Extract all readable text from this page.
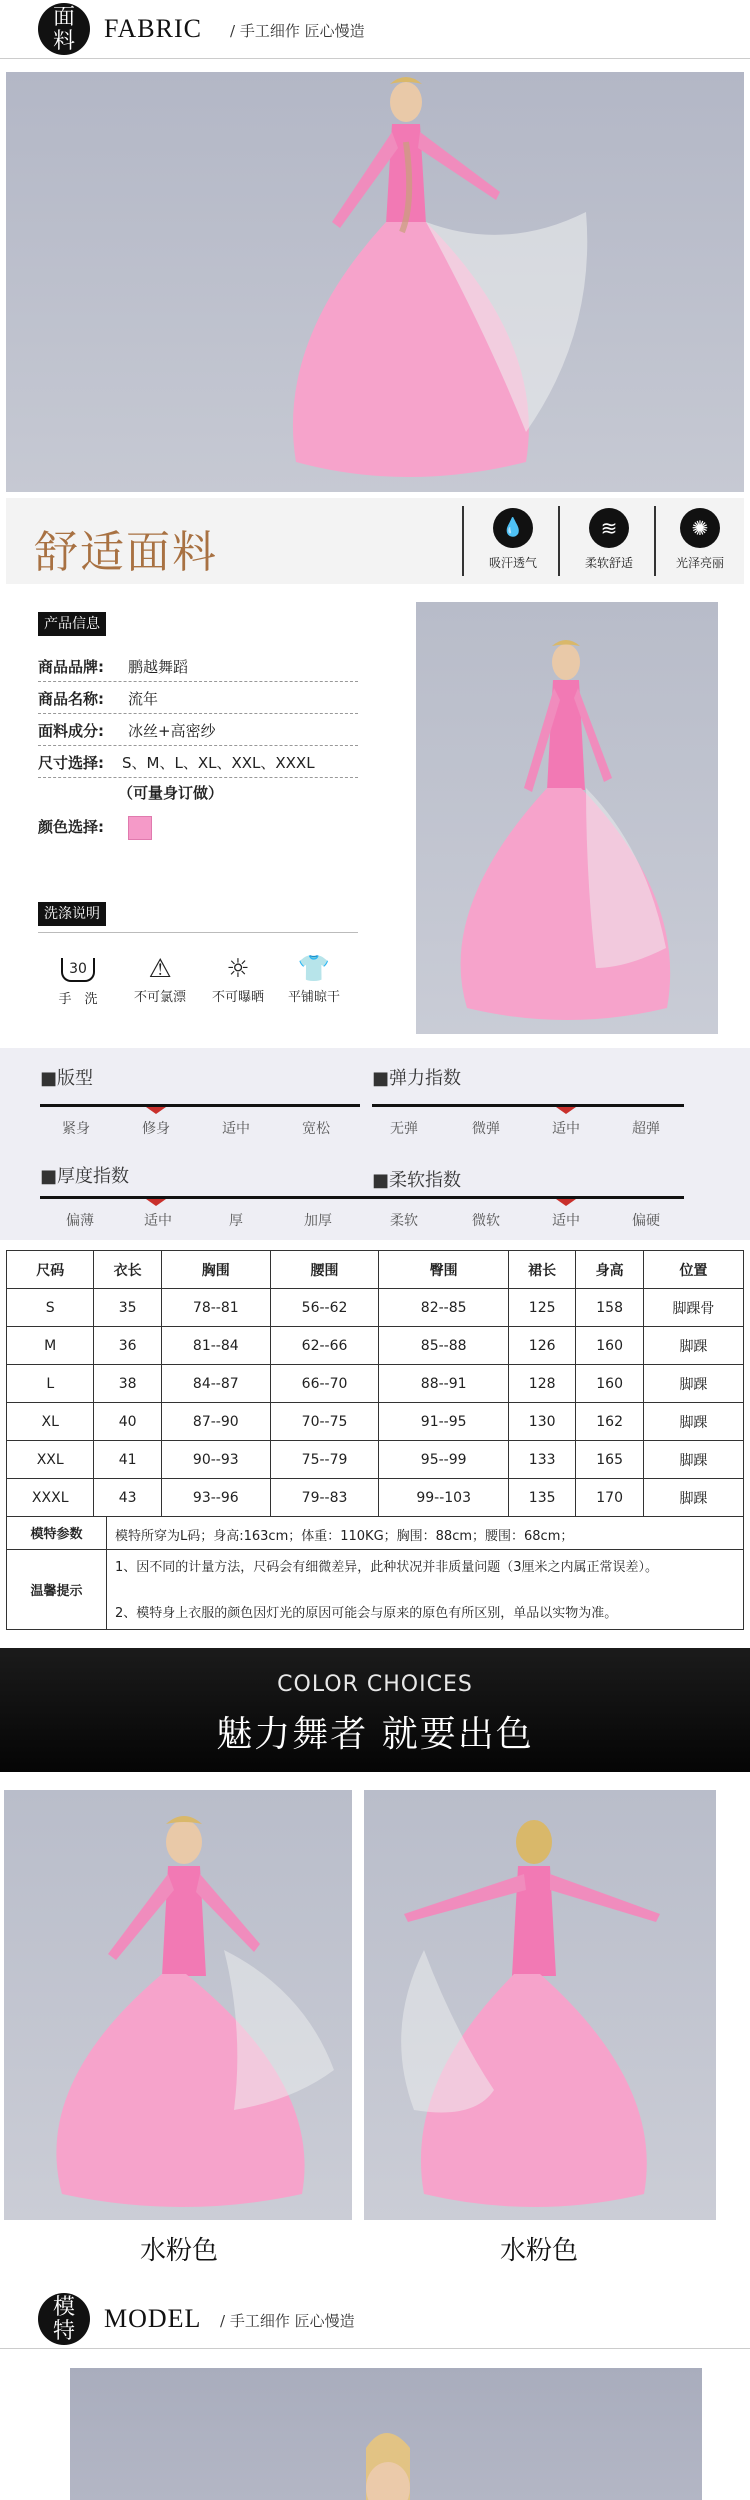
面
料	FABRIC / 手工细作 匠心慢造
舒适面料	💧
吸汗透气
≋
柔软舒适
✺
光泽亮丽
产品信息
商品品牌: 鹏越舞蹈
商品名称: 流年
面料成分: 冰丝+高密纱
尺寸选择: S、M、L、XL、XXL、XXXL
（可量身订做）
颜色选择:
洗涤说明
30
手　洗
⚠
不可氯漂
☼
不可曝晒
👕
平铺晾干
■版型
紧身	修身	适中	宽松
■弹力指数
无弹	微弹	适中	超弹
■厚度指数
偏薄	适中	厚	加厚
■柔软指数
柔软	微软	适中	偏硬
尺码	衣长	胸围	腰围	臀围	裙长	身高	位置
S	35	78--81	56--62	82--85	125	158	脚踝骨
M	36	81--84	62--66	85--88	126	160	脚踝
L	38	84--87	66--70	88--91	128	160	脚踝
XL	40	87--90	70--75	91--95	130	162	脚踝
XXL	41	90--93	75--79	95--99	133	165	脚踝
XXXL	43	93--96	79--83	99--103	135	170	脚踝
模特参数	模特所穿为L码；身高:163cm；体重：110KG；胸围：88cm；腰围：68cm；
温馨提示
1、因不同的计量方法，尺码会有细微差异，此种状况并非质量问题（3厘米之内属正常误差）。
2、模特身上衣服的颜色因灯光的原因可能会与原来的原色有所区别，单品以实物为准。
COLOR CHOICES
魅力舞者 就要出色
水粉色	水粉色
模
特	MODEL / 手工细作 匠心慢造
